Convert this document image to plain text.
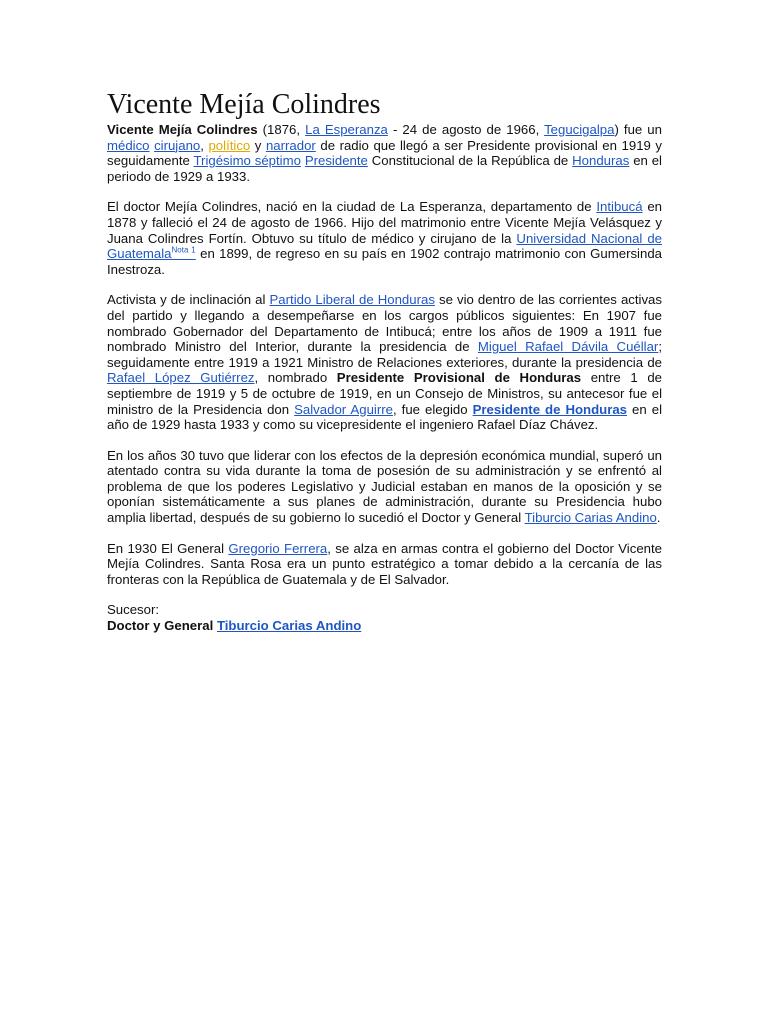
Vicente Mejía Colindres

Vicente Mejía Colindres (1876, La Esperanza - 24 de agosto de 1966, Tegucigalpa) fue un médico cirujano, político y narrador de radio que llegó a ser Presidente provisional en 1919 y seguidamente Trigésimo séptimo Presidente Constitucional de la República de Honduras en el periodo de 1929 a 1933.

El doctor Mejía Colindres, nació en la ciudad de La Esperanza, departamento de Intibucá en 1878 y falleció el 24 de agosto de 1966. Hijo del matrimonio entre Vicente Mejía Velásquez y Juana Colindres Fortín. Obtuvo su título de médico y cirujano de la Universidad Nacional de Guatemala$^{Nota 1}$ en 1899, de regreso en su país en 1902 contrajo matrimonio con Gumersinda Inestroza.

Activista y de inclinación al Partido Liberal de Honduras se vio dentro de las corrientes activas del partido y llegando a desempeñarse en los cargos públicos siguientes: En 1907 fue nombrado Gobernador del Departamento de Intibucá; entre los años de 1909 a 1911 fue nombrado Ministro del Interior, durante la presidencia de Miguel Rafael Dávila Cuéllar; seguidamente entre 1919 a 1921 Ministro de Relaciones exteriores, durante la presidencia de Rafael López Gutiérrez, nombrado Presidente Provisional de Honduras entre 1 de septiembre de 1919 y 5 de octubre de 1919, en un Consejo de Ministros, su antecesor fue el ministro de la Presidencia don Salvador Aguirre, fue elegido Presidente de Honduras en el año de 1929 hasta 1933 y como su vicepresidente el ingeniero Rafael Díaz Chávez.

En los años 30 tuvo que liderar con los efectos de la depresión económica mundial, superó un atentado contra su vida durante la toma de posesión de su administración y se enfrentó al problema de que los poderes Legislativo y Judicial estaban en manos de la oposición y se oponían sistemáticamente a sus planes de administración, durante su Presidencia hubo amplia libertad, después de su gobierno lo sucedió el Doctor y General Tiburcio Carias Andino.

En 1930 El General Gregorio Ferrera, se alza en armas contra el gobierno del Doctor Vicente Mejía Colindres. Santa Rosa era un punto estratégico a tomar debido a la cercanía de las fronteras con la República de Guatemala y de El Salvador.

Sucesor:

Doctor y General Tiburcio Carias Andino
